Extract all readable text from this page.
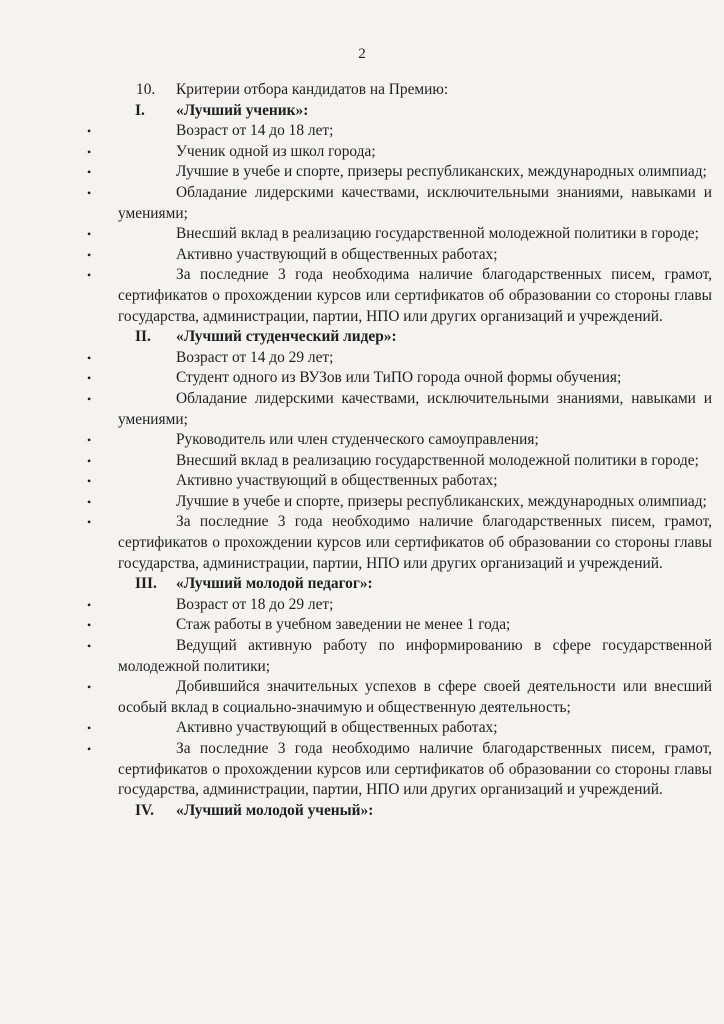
2
10. Критерии отбора кандидатов на Премию:
I.	«Лучший ученик»:
•	Возраст от 14 до 18 лет;
•	Ученик одной из школ города;
•	Лучшие в учебе и спорте, призеры республиканских, международных олимпиад;
•	Обладание лидерскими качествами, исключительными знаниями, навыками и умениями;
•	Внесший вклад в реализацию государственной молодежной политики в городе;
•	Активно участвующий в общественных работах;
•	За последние 3 года необходима наличие благодарственных писем, грамот, сертификатов о прохождении курсов или сертификатов об образовании со стороны главы государства, администрации, партии, НПО или других организаций и учреждений.
II.	«Лучший студенческий лидер»:
•	Возраст от 14 до 29 лет;
•	Студент одного из ВУЗов или ТиПО города очной формы обучения;
•	Обладание лидерскими качествами, исключительными знаниями, навыками и умениями;
•	Руководитель или член студенческого самоуправления;
•	Внесший вклад в реализацию государственной молодежной политики в городе;
•	Активно участвующий в общественных работах;
•	Лучшие в учебе и спорте, призеры республиканских, международных олимпиад;
•	За последние 3 года необходимо наличие благодарственных писем, грамот, сертификатов о прохождении курсов или сертификатов об образовании со стороны главы государства, администрации, партии, НПО или других организаций и учреждений.
III.	«Лучший молодой педагог»:
•	Возраст от 18 до 29 лет;
•	Стаж работы в учебном заведении не менее 1 года;
•	Ведущий активную работу по информированию в сфере государственной молодежной политики;
•	Добившийся значительных успехов в сфере своей деятельности или внесший особый вклад в социально-значимую и общественную деятельность;
•	Активно участвующий в общественных работах;
•	За последние 3 года необходимо наличие благодарственных писем, грамот, сертификатов о прохождении курсов или сертификатов об образовании со стороны главы государства, администрации, партии, НПО или других организаций и учреждений.
IV.	«Лучший молодой ученый»:
